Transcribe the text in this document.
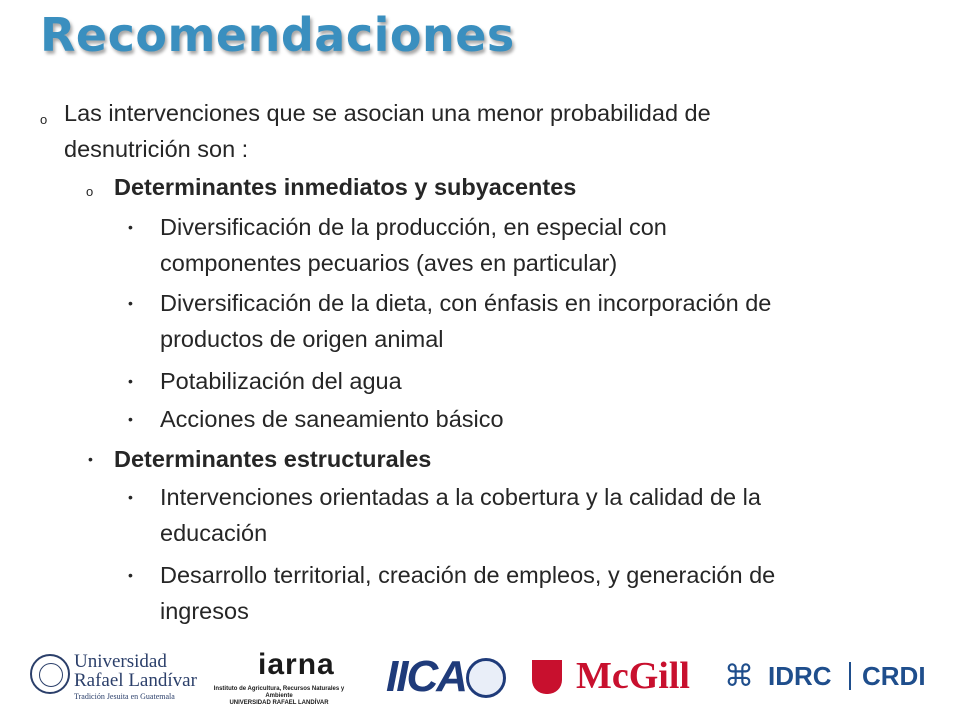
Recomendaciones
o Las intervenciones que se asocian una menor probabilidad de
desnutrición son :
o Determinantes inmediatos y subyacentes
• Diversificación de la producción, en especial con
componentes pecuarios (aves en particular)
• Diversificación de la dieta, con énfasis en incorporación de
productos de origen animal
• Potabilización del agua
• Acciones de saneamiento básico
• Determinantes estructurales
• Intervenciones orientadas a la cobertura y la calidad de la
educación
• Desarrollo territorial, creación de empleos, y generación de
ingresos
Universidad
Rafael Landívar
Tradición Jesuita en Guatemala
iarna
Instituto de Agricultura, Recursos Naturales y Ambiente
UNIVERSIDAD RAFAEL LANDÍVAR
IICA	McGill ⌘ IDRC CRDI
